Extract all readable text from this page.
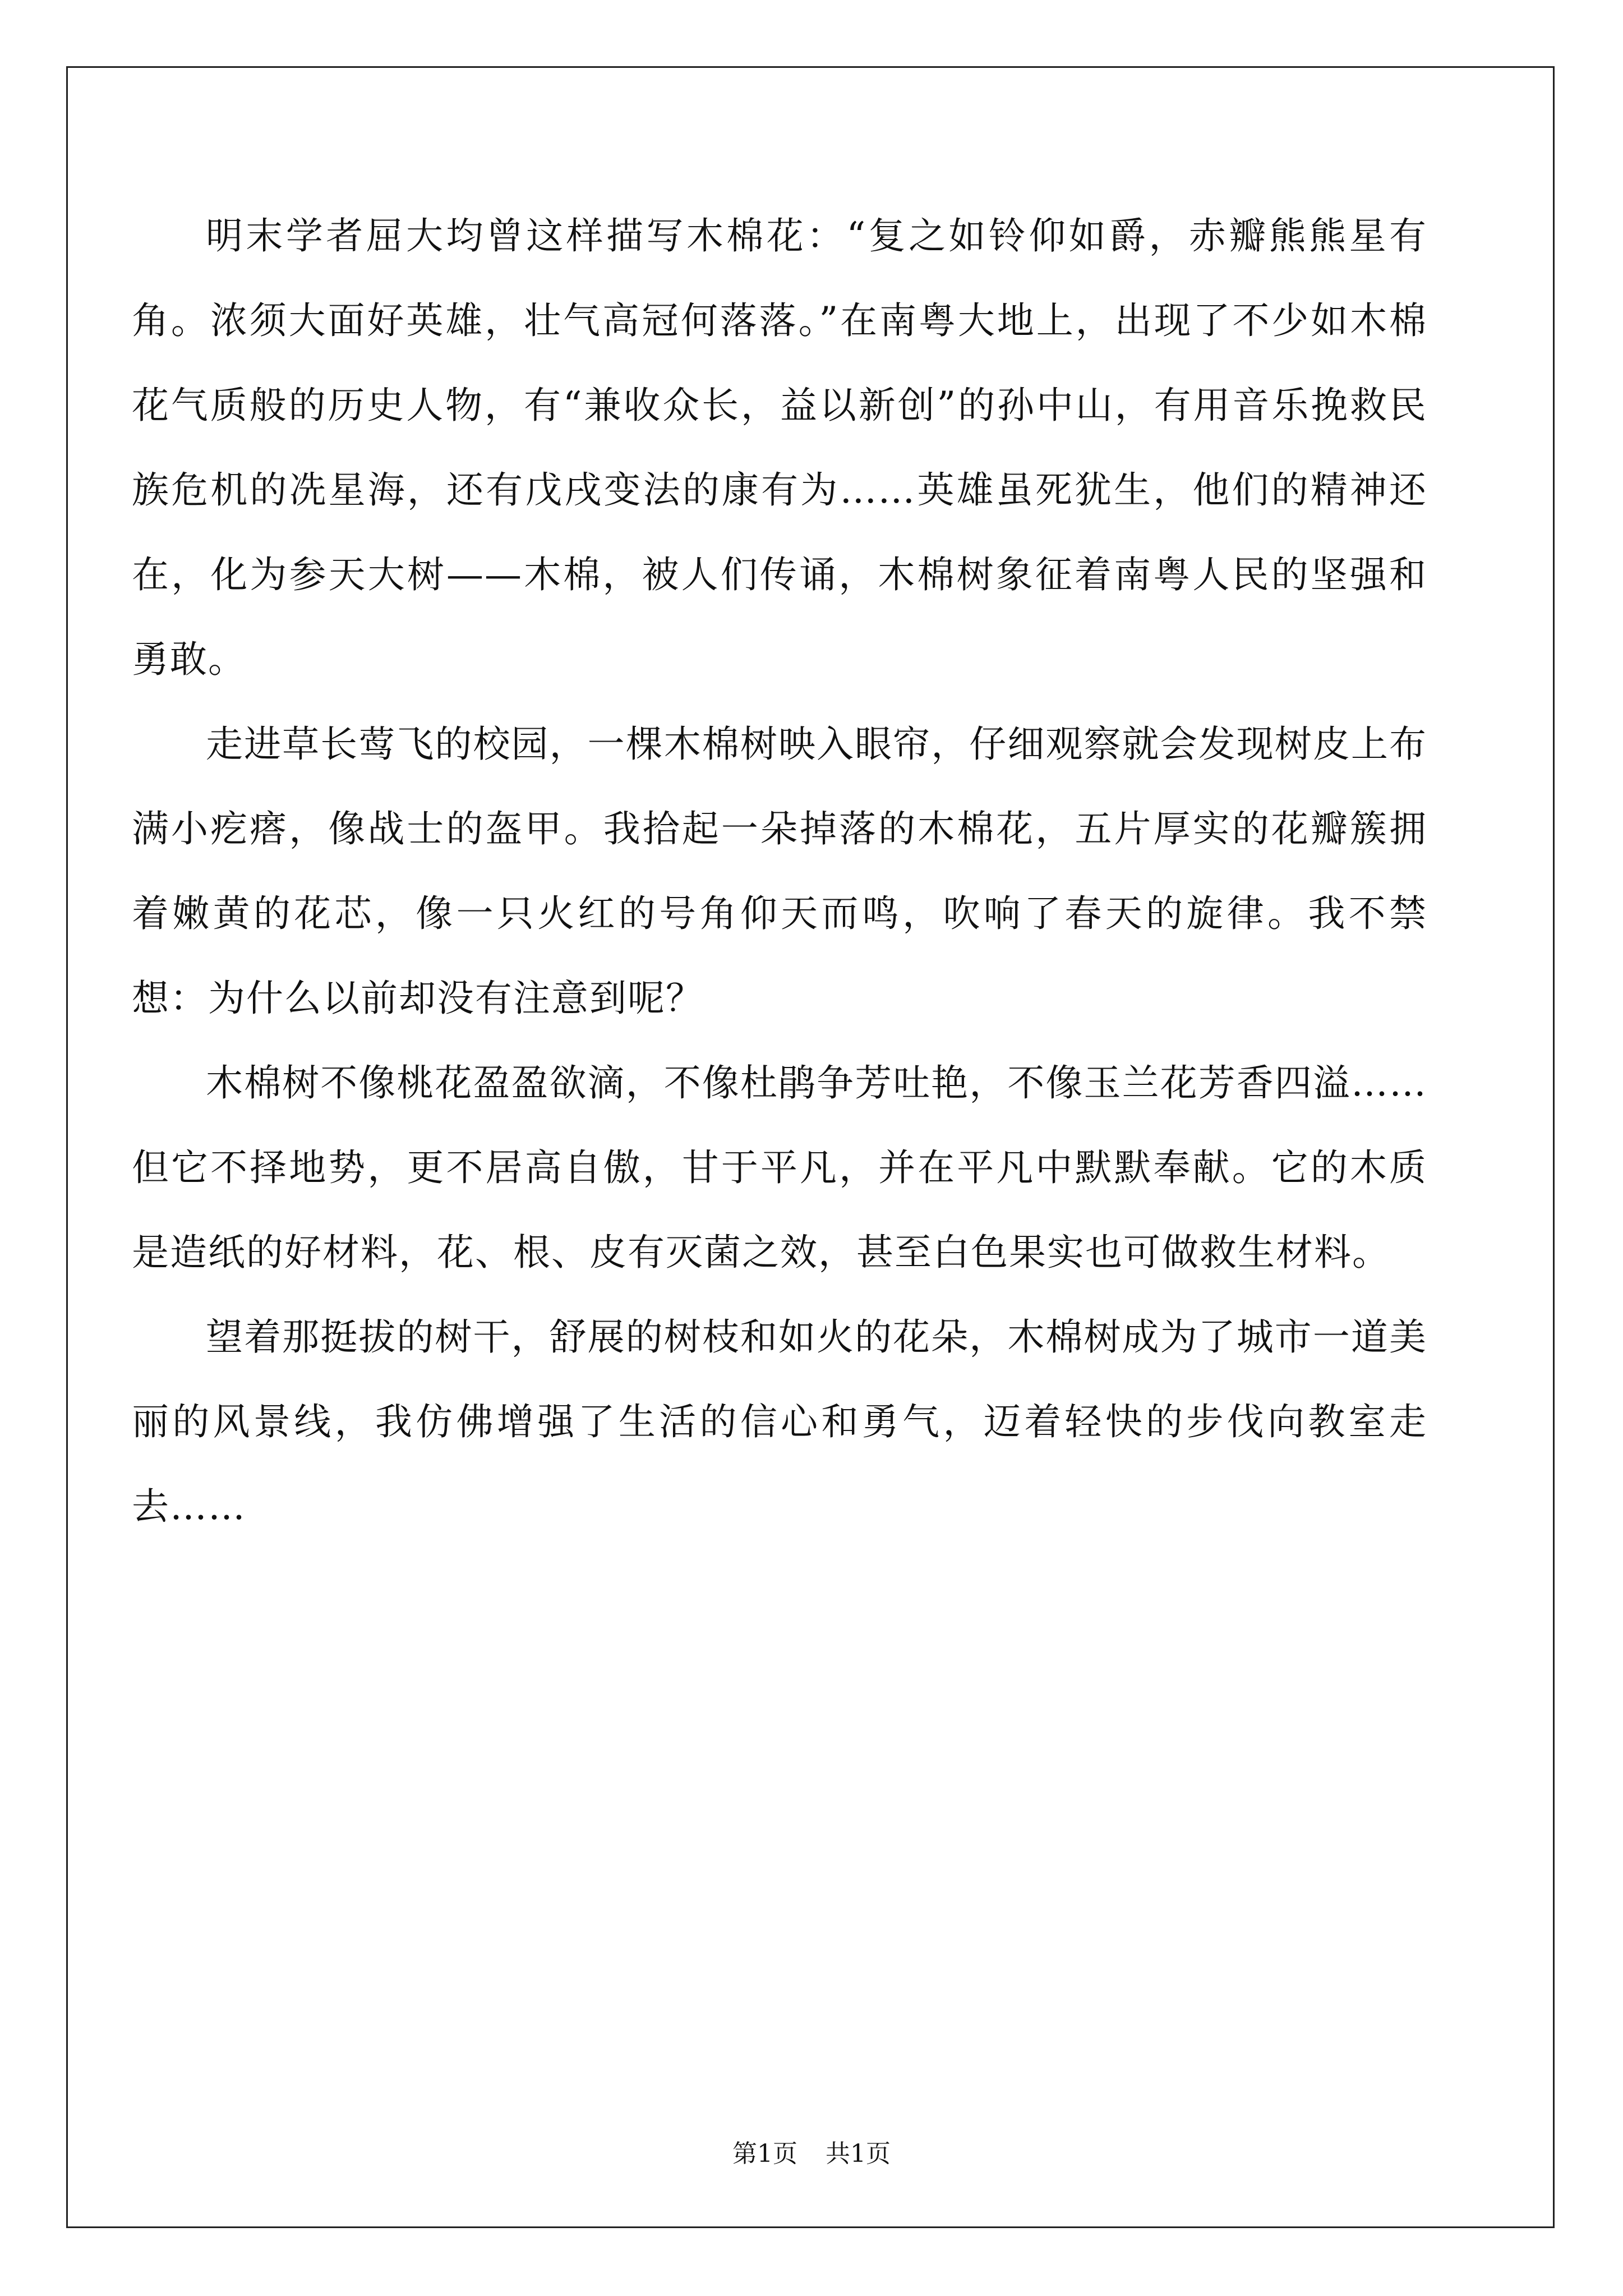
明末学者屈大均曾这样描写木棉花：“复之如铃仰如爵，赤瓣熊熊星有角。浓须大面好英雄，壮气高冠何落落。”在南粤大地上，出现了不少如木棉花气质般的历史人物，有“兼收众长，益以新创”的孙中山，有用音乐挽救民族危机的冼星海，还有戊戌变法的康有为……英雄虽死犹生，他们的精神还在，化为参天大树——木棉，被人们传诵，木棉树象征着南粤人民的坚强和勇敢。

走进草长莺飞的校园，一棵木棉树映入眼帘，仔细观察就会发现树皮上布满小疙瘩，像战士的盔甲。我拾起一朵掉落的木棉花，五片厚实的花瓣簇拥着嫩黄的花芯，像一只火红的号角仰天而鸣，吹响了春天的旋律。我不禁想：为什么以前却没有注意到呢？

木棉树不像桃花盈盈欲滴，不像杜鹃争芳吐艳，不像玉兰花芳香四溢……但它不择地势，更不居高自傲，甘于平凡，并在平凡中默默奉献。它的木质是造纸的好材料，花、根、皮有灭菌之效，甚至白色果实也可做救生材料。

望着那挺拔的树干，舒展的树枝和如火的花朵，木棉树成为了城市一道美丽的风景线，我仿佛增强了生活的信心和勇气，迈着轻快的步伐向教室走去……

第1页 共1页
